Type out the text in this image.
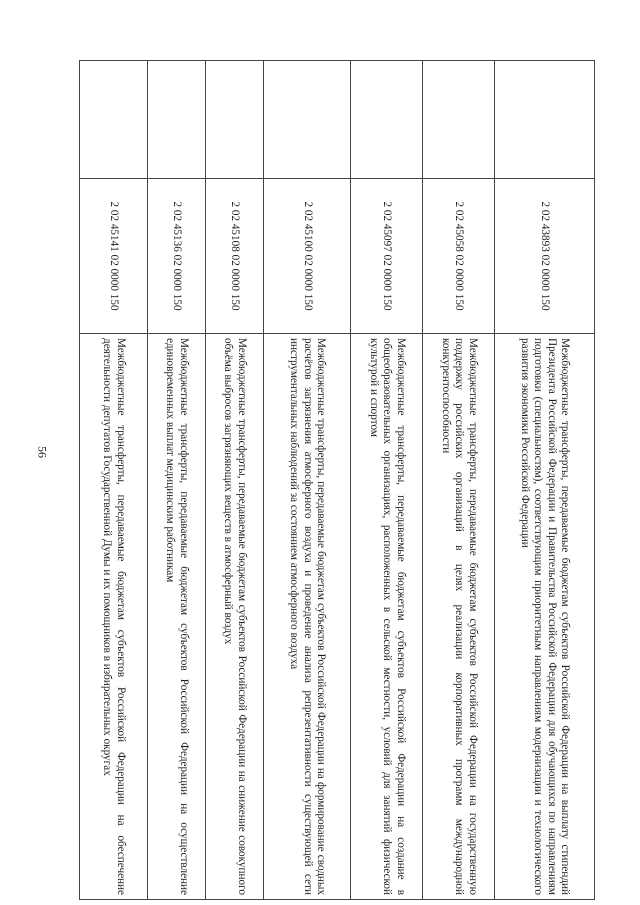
56
	2 02 43893 02 0000 150	Межбюджетные трансферты, передаваемые бюджетам субъектов Российской Федерации на выплату стипендий Президента Российской Федерации и Правительства Российской Федерации для обучающихся по направлениям подготовки (специальностям), соответствующим приоритетным направлениям модернизации и технологического развития экономики Российской Федерации
	2 02 45058 02 0000 150	Межбюджетные трансферты, передаваемые бюджетам субъектов Российской Федерации на государственную поддержку российских организаций в целях реализации корпоративных программ международной конкурентоспособности
	2 02 45097 02 0000 150	Межбюджетные трансферты, передаваемые бюджетам субъектов Российской Федерации на создание в общеобразовательных организациях, расположенных в сельской местности, условий для занятий физической культурой и спортом
	2 02 45100 02 0000 150	Межбюджетные трансферты, передаваемые бюджетам субъектов Российской Федерации на формирование сводных расчётов загрязнения атмосферного воздуха и проведение анализа репрезентативности существующей сети инструментальных наблюдений за состоянием атмосферного воздуха
	2 02 45108 02 0000 150	Межбюджетные трансферты, передаваемые бюджетам субъектов Российской Федерации на снижение совокупного объёма выбросов загрязняющих веществ в атмосферный воздух
	2 02 45136 02 0000 150	Межбюджетные трансферты, передаваемые бюджетам субъектов Российской Федерации на осуществление единовременных выплат медицинским работникам
	2 02 45141 02 0000 150	Межбюджетные трансферты, передаваемые бюджетам субъектов Российской Федерации на обеспечение деятельности депутатов Государственной Думы и их помощников в избирательных округах
